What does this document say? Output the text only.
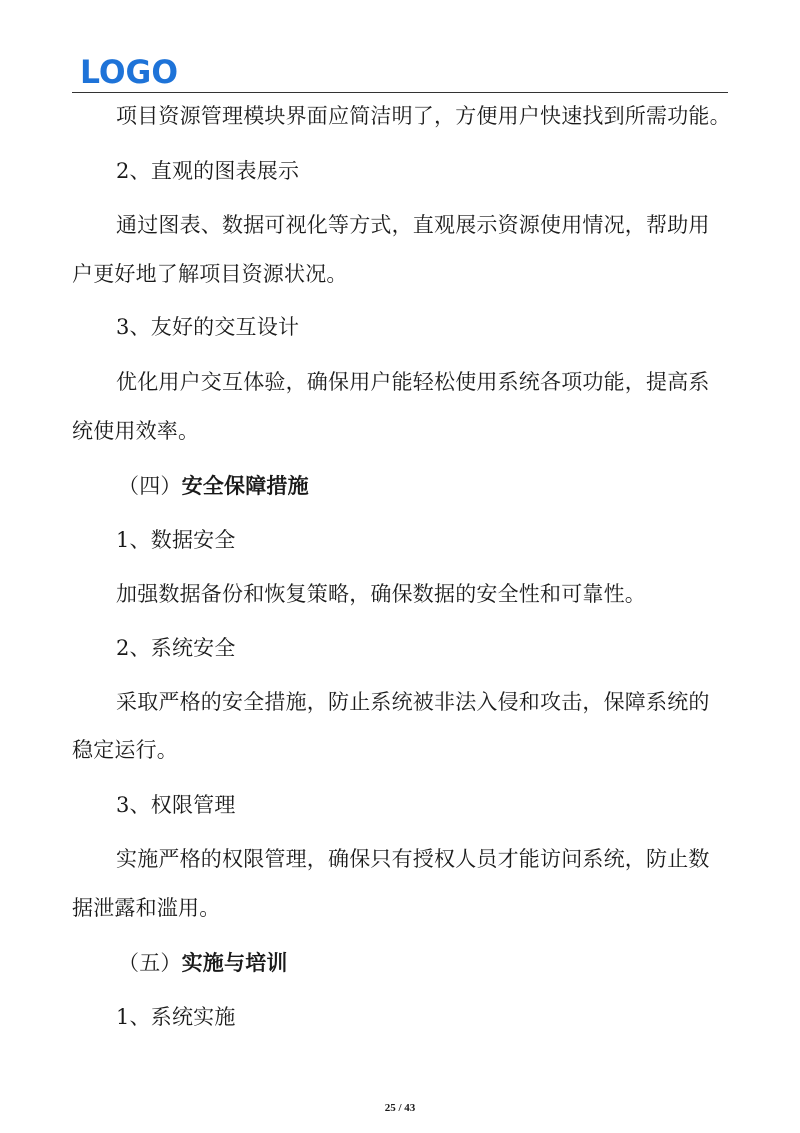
LOGO
项目资源管理模块界面应简洁明了，方便用户快速找到所需功能。
2、直观的图表展示
通过图表、数据可视化等方式，直观展示资源使用情况，帮助用
户更好地了解项目资源状况。
3、友好的交互设计
优化用户交互体验，确保用户能轻松使用系统各项功能，提高系
统使用效率。
（四）安全保障措施
1、数据安全
加强数据备份和恢复策略，确保数据的安全性和可靠性。
2、系统安全
采取严格的安全措施，防止系统被非法入侵和攻击，保障系统的
稳定运行。
3、权限管理
实施严格的权限管理，确保只有授权人员才能访问系统，防止数
据泄露和滥用。
（五）实施与培训
1、系统实施
25 / 43
